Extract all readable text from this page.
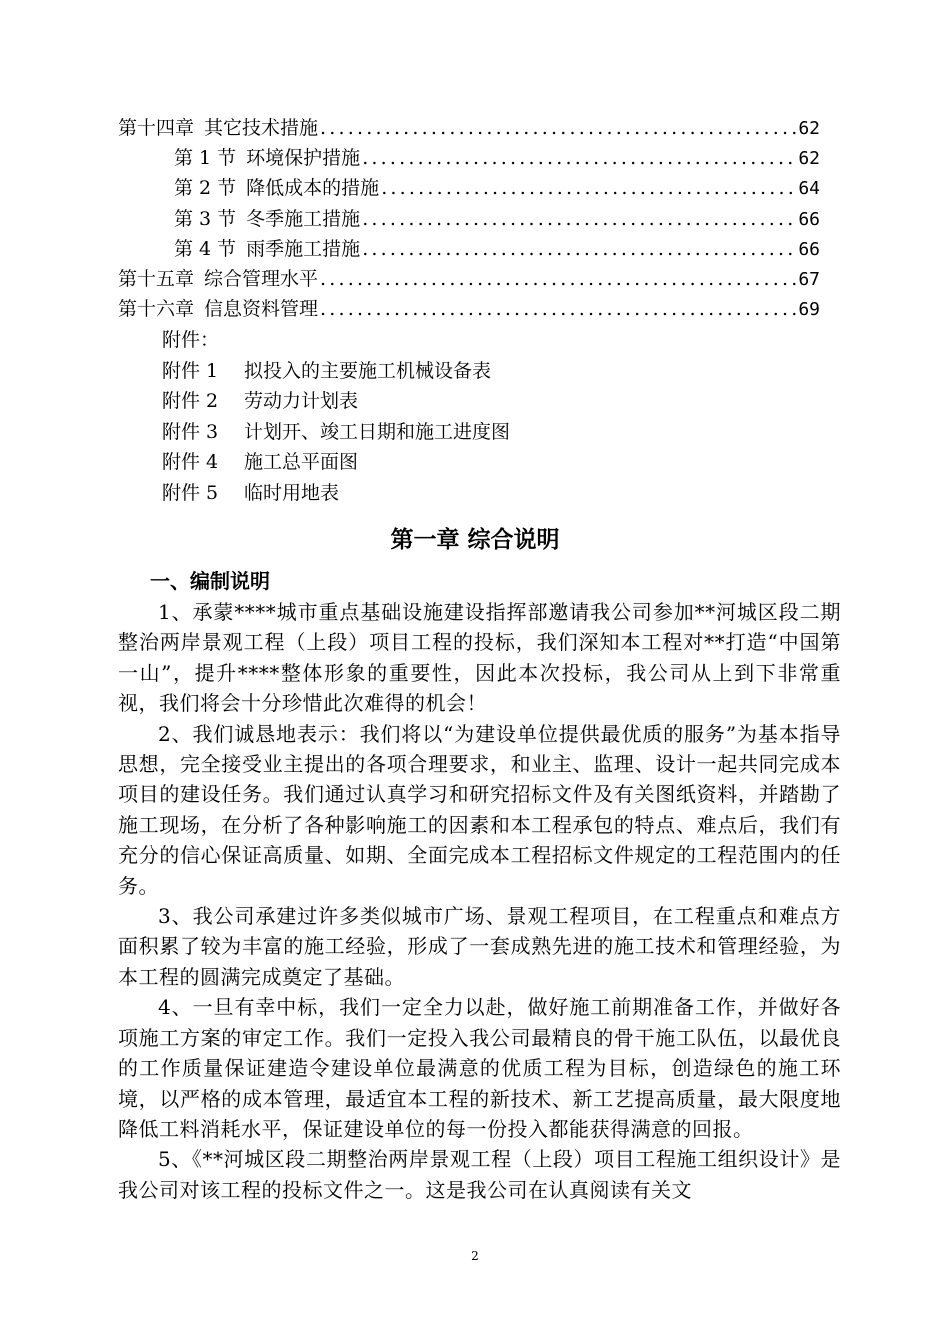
第十四章 其它技术措施 .....	62
第 1 节 环境保护措施 .....	62
第 2 节 降低成本的措施 .....	64
第 3 节 冬季施工措施 .....	66
第 4 节 雨季施工措施 .....	66
第十五章 综合管理水平 .....	67
第十六章 信息资料管理 .....	69
附件：
附件 1 拟投入的主要施工机械设备表
附件 2 劳动力计划表
附件 3 计划开、竣工日期和施工进度图
附件 4 施工总平面图
附件 5 临时用地表
第一章 综合说明
一、编制说明

1、承蒙****城市重点基础设施建设指挥部邀请我公司参加**河城区段二期整治两岸景观工程（上段）项目工程的投标，我们深知本工程对**打造“中国第一山”，提升****整体形象的重要性，因此本次投标，我公司从上到下非常重视，我们将会十分珍惜此次难得的机会！

2、我们诚恳地表示：我们将以“为建设单位提供最优质的服务”为基本指导思想，完全接受业主提出的各项合理要求，和业主、监理、设计一起共同完成本项目的建设任务。我们通过认真学习和研究招标文件及有关图纸资料，并踏勘了施工现场，在分析了各种影响施工的因素和本工程承包的特点、难点后，我们有充分的信心保证高质量、如期、全面完成本工程招标文件规定的工程范围内的任务。

3、我公司承建过许多类似城市广场、景观工程项目，在工程重点和难点方面积累了较为丰富的施工经验，形成了一套成熟先进的施工技术和管理经验，为本工程的圆满完成奠定了基础。

4、一旦有幸中标，我们一定全力以赴，做好施工前期准备工作，并做好各项施工方案的审定工作。我们一定投入我公司最精良的骨干施工队伍，以最优良的工作质量保证建造令建设单位最满意的优质工程为目标，创造绿色的施工环境，以严格的成本管理，最适宜本工程的新技术、新工艺提高质量，最大限度地降低工料消耗水平，保证建设单位的每一份投入都能获得满意的回报。

5、《**河城区段二期整治两岸景观工程（上段）项目工程施工组织设计》是我公司对该工程的投标文件之一。这是我公司在认真阅读有关文

2
